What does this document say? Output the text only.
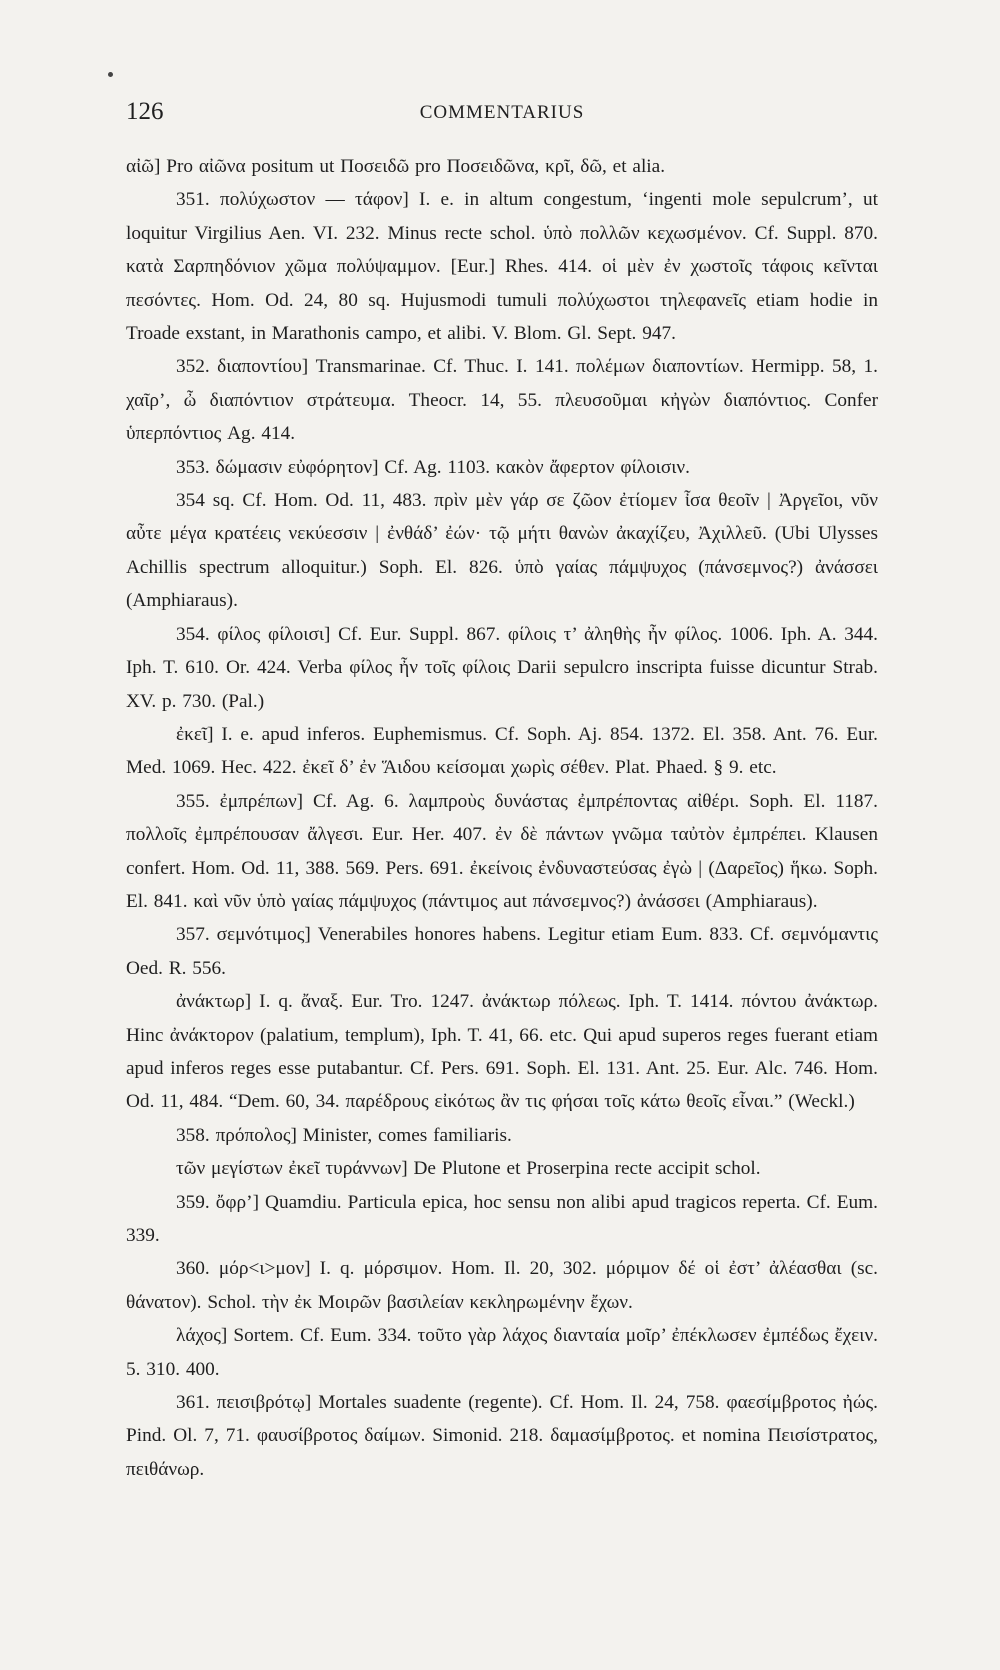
126	COMMENTARIUS

αἰῶ] Pro αἰῶνα positum ut Ποσειδῶ pro Ποσειδῶνα, κρῖ, δῶ, et alia.

351. πολύχωστον — τάφον] I. e. in altum congestum, ‘ingenti mole sepulcrum’, ut loquitur Virgilius Aen. VI. 232. Minus recte schol. ὑπὸ πολλῶν κεχωσμένον. Cf. Suppl. 870. κατὰ Σαρπηδόνιον χῶμα πολύψαμμον. [Eur.] Rhes. 414. οἱ μὲν ἐν χωστοῖς τάφοις κεῖνται πεσόντες. Hom. Od. 24, 80 sq. Hujusmodi tumuli πολύχωστοι τηλεφανεῖς etiam hodie in Troade exstant, in Marathonis campo, et alibi. V. Blom. Gl. Sept. 947.

352. διαποντίου] Transmarinae. Cf. Thuc. I. 141. πολέμων διαποντίων. Hermipp. 58, 1. χαῖρ’, ὦ διαπόντιον στράτευμα. Theocr. 14, 55. πλευσοῦμαι κἠγὼν διαπόντιος. Confer ὑπερπόντιος Ag. 414.

353. δώμασιν εὐφόρητον] Cf. Ag. 1103. κακὸν ἄφερτον φίλοισιν.

354 sq. Cf. Hom. Od. 11, 483. πρὶν μὲν γάρ σε ζῶον ἐτίομεν ἶσα θεοῖν | Ἀργεῖοι, νῦν αὖτε μέγα κρατέεις νεκύεσσιν | ἐνθάδ’ ἐών· τῷ μήτι θανὼν ἀκαχίζευ, Ἀχιλλεῦ. (Ubi Ulysses Achillis spectrum alloquitur.) Soph. El. 826. ὑπὸ γαίας πάμψυχος (πάνσεμνος?) ἀνάσσει (Amphiaraus).

354. φίλος φίλοισι] Cf. Eur. Suppl. 867. φίλοις τ’ ἀληθὴς ἦν φίλος. 1006. Iph. A. 344. Iph. T. 610. Or. 424. Verba φίλος ἦν τοῖς φίλοις Darii sepulcro inscripta fuisse dicuntur Strab. XV. p. 730. (Pal.)

ἐκεῖ] I. e. apud inferos. Euphemismus. Cf. Soph. Aj. 854. 1372. El. 358. Ant. 76. Eur. Med. 1069. Hec. 422. ἐκεῖ δ’ ἐν Ἅιδου κείσομαι χωρὶς σέθεν. Plat. Phaed. § 9. etc.

355. ἐμπρέπων] Cf. Ag. 6. λαμπροὺς δυνάστας ἐμπρέποντας αἰθέρι. Soph. El. 1187. πολλοῖς ἐμπρέπουσαν ἄλγεσι. Eur. Her. 407. ἐν δὲ πάντων γνῶμα ταὐτὸν ἐμπρέπει. Klausen confert. Hom. Od. 11, 388. 569. Pers. 691. ἐκείνοις ἐνδυναστεύσας ἐγὼ | (Δαρεῖος) ἥκω. Soph. El. 841. καὶ νῦν ὑπὸ γαίας πάμψυχος (πάντιμος aut πάνσεμνος?) ἀνάσσει (Amphiaraus).

357. σεμνότιμος] Venerabiles honores habens. Legitur etiam Eum. 833. Cf. σεμνόμαντις Oed. R. 556.

ἀνάκτωρ] I. q. ἄναξ. Eur. Tro. 1247. ἀνάκτωρ πόλεως. Iph. T. 1414. πόντου ἀνάκτωρ. Hinc ἀνάκτορον (palatium, templum), Iph. T. 41, 66. etc. Qui apud superos reges fuerant etiam apud inferos reges esse putabantur. Cf. Pers. 691. Soph. El. 131. Ant. 25. Eur. Alc. 746. Hom. Od. 11, 484. “Dem. 60, 34. παρέδρους εἰκότως ἂν τις φήσαι τοῖς κάτω θεοῖς εἶναι.” (Weckl.)

358. πρόπολος] Minister, comes familiaris.

τῶν μεγίστων ἐκεῖ τυράννων] De Plutone et Proserpina recte accipit schol.

359. ὄφρ’] Quamdiu. Particula epica, hoc sensu non alibi apud tragicos reperta. Cf. Eum. 339.

360. μόρ<ι>μον] I. q. μόρσιμον. Hom. Il. 20, 302. μόριμον δέ οἱ ἐστ’ ἀλέασθαι (sc. θάνατον). Schol. τὴν ἐκ Μοιρῶν βασιλείαν κεκληρωμένην ἔχων.

λάχος] Sortem. Cf. Eum. 334. τοῦτο γὰρ λάχος διανταία μοῖρ’ ἐπέκλωσεν ἐμπέδως ἔχειν. 5. 310. 400.

361. πεισιβρότῳ] Mortales suadente (regente). Cf. Hom. Il. 24, 758. φαεσίμβροτος ἠώς. Pind. Ol. 7, 71. φαυσίβροτος δαίμων. Simonid. 218. δαμασίμβροτος. et nomina Πεισίστρατος, πειθάνωρ.
